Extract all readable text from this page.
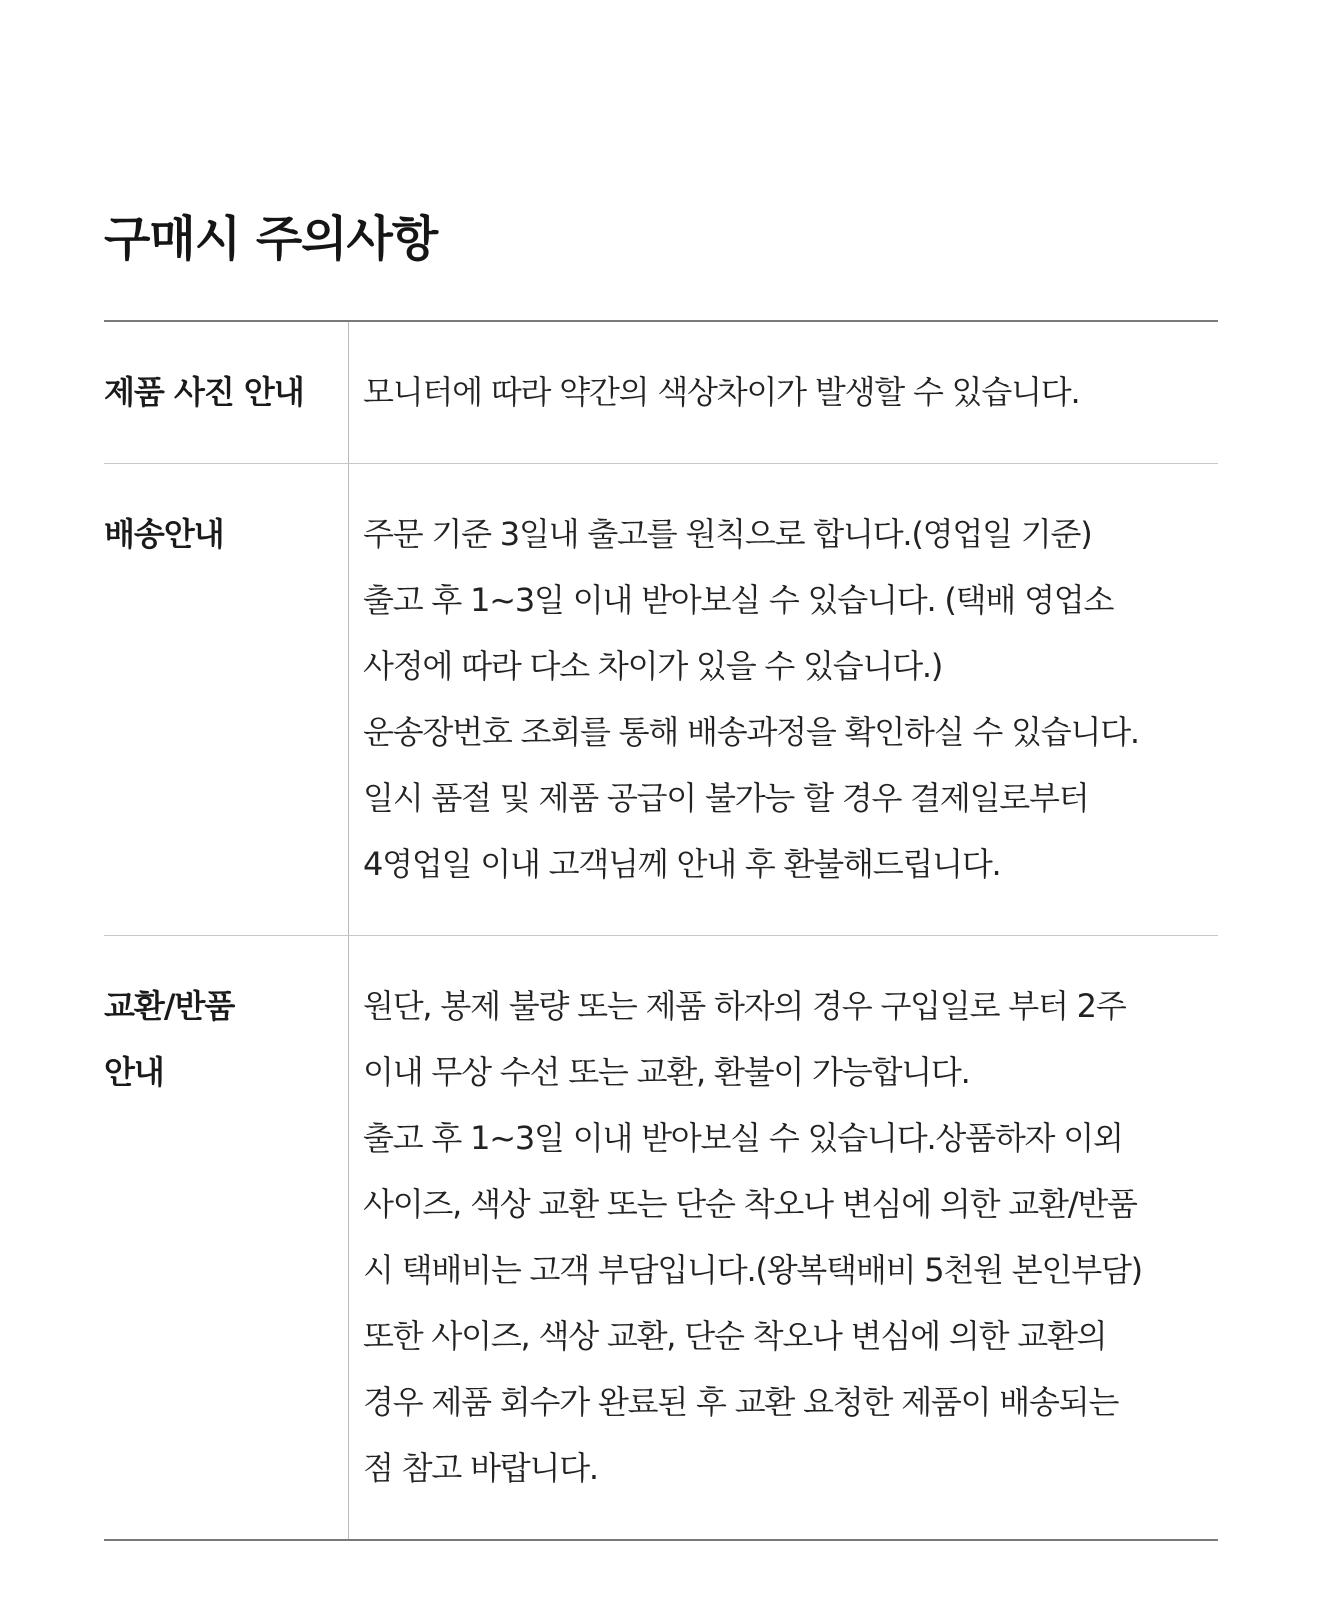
구매시 주의사항
제품 사진 안내	모니터에 따라 약간의 색상차이가 발생할 수 있습니다.
배송안내	주문 기준 3일내 출고를 원칙으로 합니다.(영업일 기준)
출고 후 1~3일 이내 받아보실 수 있습니다. (택배 영업소
사정에 따라 다소 차이가 있을 수 있습니다.)
운송장번호 조회를 통해 배송과정을 확인하실 수 있습니다.
일시 품절 및 제품 공급이 불가능 할 경우 결제일로부터
4영업일 이내 고객님께 안내 후 환불해드립니다.
교환/반품
안내
원단, 봉제 불량 또는 제품 하자의 경우 구입일로 부터 2주
이내 무상 수선 또는 교환, 환불이 가능합니다.
출고 후 1~3일 이내 받아보실 수 있습니다.상품하자 이외
사이즈, 색상 교환 또는 단순 착오나 변심에 의한 교환/반품
시 택배비는 고객 부담입니다.(왕복택배비 5천원 본인부담)
또한 사이즈, 색상 교환, 단순 착오나 변심에 의한 교환의
경우 제품 회수가 완료된 후 교환 요청한 제품이 배송되는
점 참고 바랍니다.
